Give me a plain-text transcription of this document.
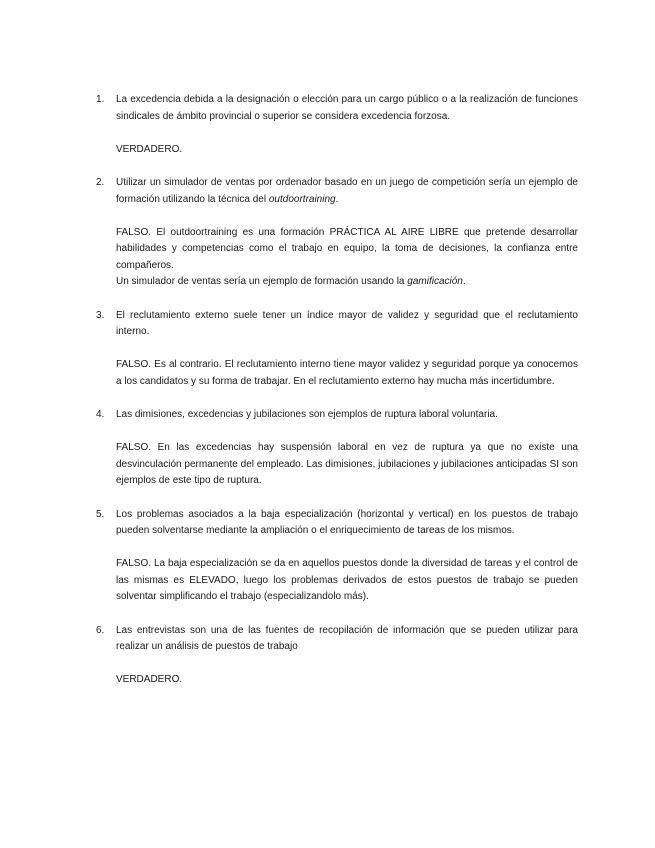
1. La excedencia debida a la designación o elección para un cargo público o a la realización de funciones sindicales de ámbito provincial o superior se considera excedencia forzosa.

VERDADERO.

2. Utilizar un simulador de ventas por ordenador basado en un juego de competición sería un ejemplo de formación utilizando la técnica del outdoortraining.

FALSO. El outdoortraining es una formación PRÁCTICA AL AIRE LIBRE que pretende desarrollar habilidades y competencias como el trabajo en equipo, la toma de decisiones, la confianza entre compañeros.

Un simulador de ventas sería un ejemplo de formación usando la gamificación.

3. El reclutamiento externo suele tener un índice mayor de validez y seguridad que el reclutamiento interno.

FALSO. Es al contrario. El reclutamiento interno tiene mayor validez y seguridad porque ya conocemos a los candidatos y su forma de trabajar. En el reclutamiento externo hay mucha más incertidumbre.

4. Las dimisiones, excedencias y jubilaciones son ejemplos de ruptura laboral voluntaria.

FALSO. En las excedencias hay suspensión laboral en vez de ruptura ya que no existe una desvinculación permanente del empleado. Las dimisiones, jubilaciones y jubilaciones anticipadas SI son ejemplos de este tipo de ruptura.

5. Los problemas asociados a la baja especialización (horizontal y vertical) en los puestos de trabajo pueden solventarse mediante la ampliación o el enriquecimiento de tareas de los mismos.

FALSO. La baja especialización se da en aquellos puestos donde la diversidad de tareas y el control de las mismas es ELEVADO, luego los problemas derivados de estos puestos de trabajo se pueden solventar simplificando el trabajo (especializandolo más).

6. Las entrevistas son una de las fuentes de recopilación de información que se pueden utilizar para realizar un análisis de puestos de trabajo

VERDADERO.
